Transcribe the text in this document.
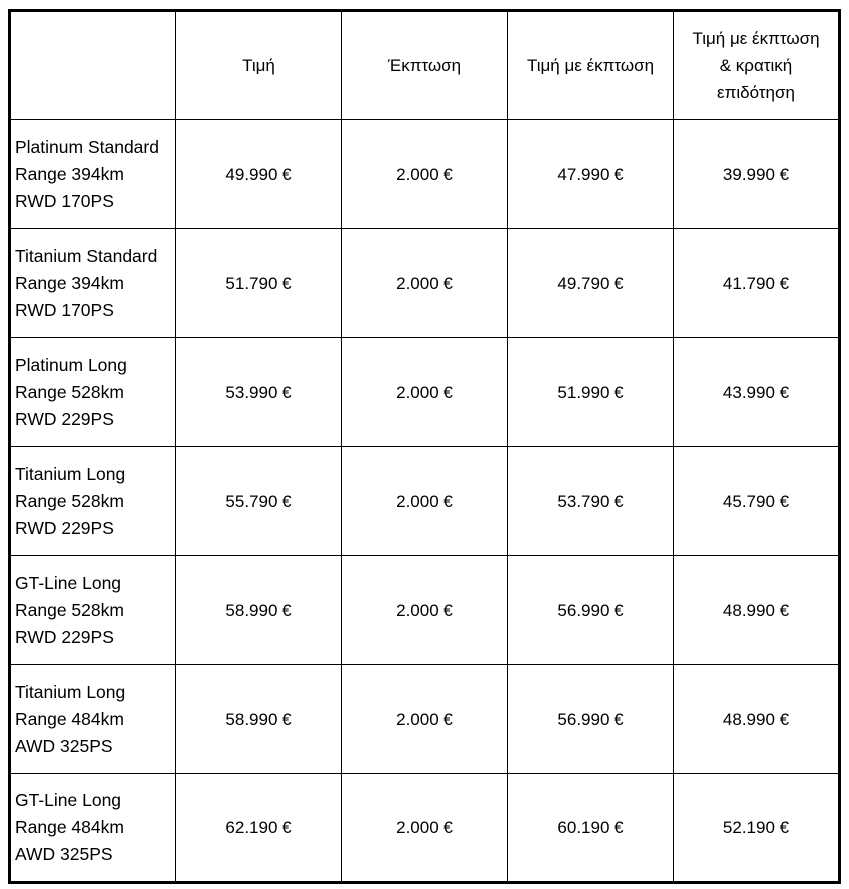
	Τιμή	Έκπτωση	Τιμή με έκπτωση	Τιμή με έκπτωση
& κρατική
επιδότηση

Platinum Standard
Range 394km
RWD 170PS	49.990 €	2.000 €	47.990 €	39.990 €

Titanium Standard
Range 394km
RWD 170PS	51.790 €	2.000 €	49.790 €	41.790 €

Platinum Long
Range 528km
RWD 229PS	53.990 €	2.000 €	51.990 €	43.990 €

Titanium Long
Range 528km
RWD 229PS	55.790 €	2.000 €	53.790 €	45.790 €

GT-Line Long
Range 528km
RWD 229PS	58.990 €	2.000 €	56.990 €	48.990 €

Titanium Long
Range 484km
AWD 325PS	58.990 €	2.000 €	56.990 €	48.990 €

GT-Line Long
Range 484km
AWD 325PS	62.190 €	2.000 €	60.190 €	52.190 €
